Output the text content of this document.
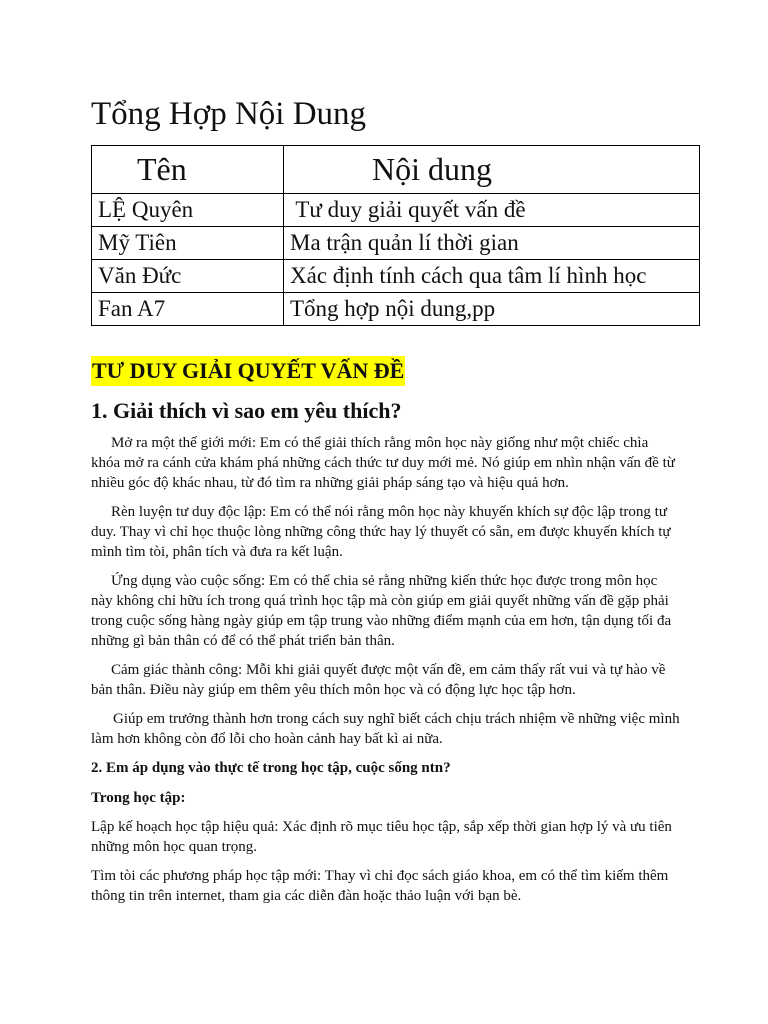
Tổng Hợp Nội Dung
Tên	Nội dung
LỆ Quyên	Tư duy giải quyết vấn đề
Mỹ Tiên	Ma trận quản lí thời gian
Văn Đức	Xác định tính cách qua tâm lí hình học
Fan A7	Tổng hợp nội dung,pp
TƯ DUY GIẢI QUYẾT VẤN ĐỀ
1. Giải thích vì sao em yêu thích?

Mở ra một thế giới mới: Em có thể giải thích rằng môn học này giống như một chiếc chìa khóa mở ra cánh cửa khám phá những cách thức tư duy mới mẻ. Nó giúp em nhìn nhận vấn đề từ nhiều góc độ khác nhau, từ đó tìm ra những giải pháp sáng tạo và hiệu quả hơn.

Rèn luyện tư duy độc lập: Em có thể nói rằng môn học này khuyến khích sự độc lập trong tư duy. Thay vì chỉ học thuộc lòng những công thức hay lý thuyết có sẵn, em được khuyến khích tự mình tìm tòi, phân tích và đưa ra kết luận.

Ứng dụng vào cuộc sống: Em có thể chia sẻ rằng những kiến thức học được trong môn học này không chỉ hữu ích trong quá trình học tập mà còn giúp em giải quyết những vấn đề gặp phải trong cuộc sống hàng ngày giúp em tập trung vào những điểm mạnh của em hơn, tận dụng tối đa những gì bản thân có để có thể phát triển bản thân.

Cảm giác thành công: Mỗi khi giải quyết được một vấn đề, em cảm thấy rất vui và tự hào về bản thân. Điều này giúp em thêm yêu thích môn học và có động lực học tập hơn.

Giúp em trưởng thành hơn trong cách suy nghĩ biết cách chịu trách nhiệm về những việc mình làm hơn không còn đổ lỗi cho hoàn cảnh hay bất kì ai nữa.

2. Em áp dụng vào thực tế trong học tập, cuộc sống ntn?

Trong học tập:

Lập kế hoạch học tập hiệu quả: Xác định rõ mục tiêu học tập, sắp xếp thời gian hợp lý và ưu tiên những môn học quan trọng.

Tìm tòi các phương pháp học tập mới: Thay vì chỉ đọc sách giáo khoa, em có thể tìm kiếm thêm thông tin trên internet, tham gia các diễn đàn hoặc thảo luận với bạn bè.
